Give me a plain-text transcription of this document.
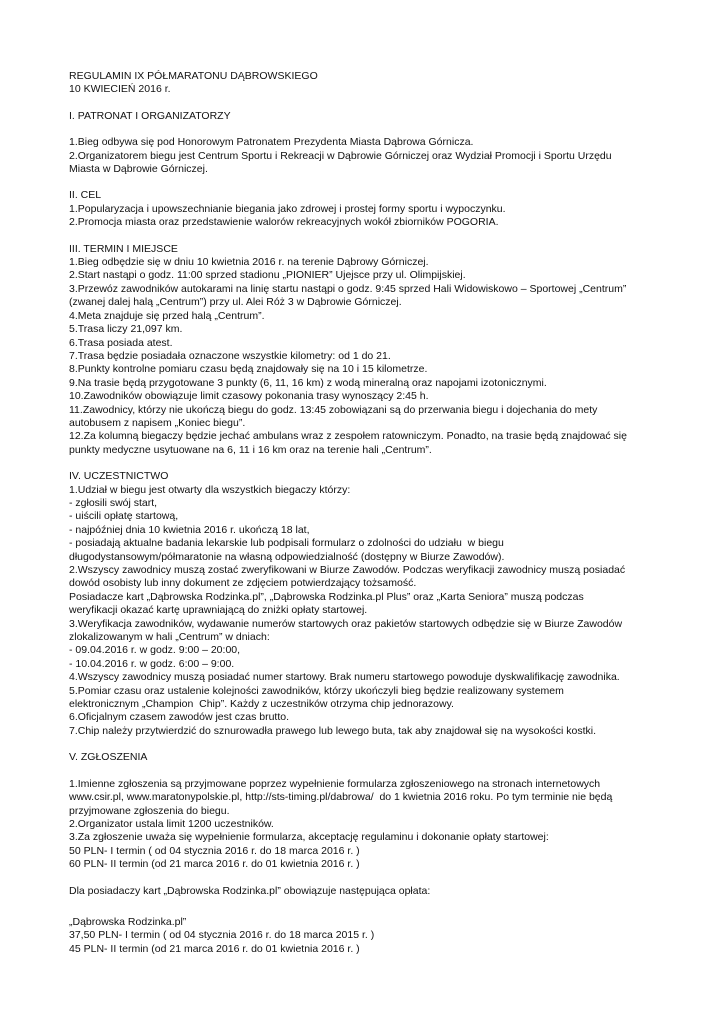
REGULAMIN IX PÓŁMARATONU DĄBROWSKIEGO
10 KWIECIEŃ 2016 r.
I. PATRONAT I ORGANIZATORZY
1.Bieg odbywa się pod Honorowym Patronatem Prezydenta Miasta Dąbrowa Górnicza.
2.Organizatorem biegu jest Centrum Sportu i Rekreacji w Dąbrowie Górniczej oraz Wydział Promocji i Sportu Urzędu
Miasta w Dąbrowie Górniczej.
II. CEL
1.Popularyzacja i upowszechnianie biegania jako zdrowej i prostej formy sportu i wypoczynku.
2.Promocja miasta oraz przedstawienie walorów rekreacyjnych wokół zbiorników POGORIA.
III. TERMIN I MIEJSCE
1.Bieg odbędzie się w dniu 10 kwietnia 2016 r. na terenie Dąbrowy Górniczej.
2.Start nastąpi o godz. 11:00 sprzed stadionu „PIONIER” Ujejsce przy ul. Olimpijskiej.
3.Przewóz zawodników autokarami na linię startu nastąpi o godz. 9:45 sprzed Hali Widowiskowo – Sportowej „Centrum”
(zwanej dalej halą „Centrum”) przy ul. Alei Róż 3 w Dąbrowie Górniczej.
4.Meta znajduje się przed halą „Centrum”.
5.Trasa liczy 21,097 km.
6.Trasa posiada atest.
7.Trasa będzie posiadała oznaczone wszystkie kilometry: od 1 do 21.
8.Punkty kontrolne pomiaru czasu będą znajdowały się na 10 i 15 kilometrze.
9.Na trasie będą przygotowane 3 punkty (6, 11, 16 km) z wodą mineralną oraz napojami izotonicznymi.
10.Zawodników obowiązuje limit czasowy pokonania trasy wynoszący 2:45 h.
11.Zawodnicy, którzy nie ukończą biegu do godz. 13:45 zobowiązani są do przerwania biegu i dojechania do mety
autobusem z napisem „Koniec biegu”.
12.Za kolumną biegaczy będzie jechać ambulans wraz z zespołem ratowniczym. Ponadto, na trasie będą znajdować się
punkty medyczne usytuowane na 6, 11 i 16 km oraz na terenie hali „Centrum”.
IV. UCZESTNICTWO
1.Udział w biegu jest otwarty dla wszystkich biegaczy którzy:
- zgłosili swój start,
- uiścili opłatę startową,
- najpóźniej dnia 10 kwietnia 2016 r. ukończą 18 lat,
- posiadają aktualne badania lekarskie lub podpisali formularz o zdolności do udziału  w biegu
długodystansowym/półmaratonie na własną odpowiedzialność (dostępny w Biurze Zawodów).
2.Wszyscy zawodnicy muszą zostać zweryfikowani w Biurze Zawodów. Podczas weryfikacji zawodnicy muszą posiadać
dowód osobisty lub inny dokument ze zdjęciem potwierdzający tożsamość.
Posiadacze kart „Dąbrowska Rodzinka.pl”, „Dąbrowska Rodzinka.pl Plus” oraz „Karta Seniora” muszą podczas
weryfikacji okazać kartę uprawniającą do zniżki opłaty startowej.
3.Weryfikacja zawodników, wydawanie numerów startowych oraz pakietów startowych odbędzie się w Biurze Zawodów
zlokalizowanym w hali „Centrum” w dniach:
- 09.04.2016 r. w godz. 9:00 – 20:00,
- 10.04.2016 r. w godz. 6:00 – 9:00.
4.Wszyscy zawodnicy muszą posiadać numer startowy. Brak numeru startowego powoduje dyskwalifikację zawodnika.
5.Pomiar czasu oraz ustalenie kolejności zawodników, którzy ukończyli bieg będzie realizowany systemem
elektronicznym „Champion  Chip”. Każdy z uczestników otrzyma chip jednorazowy.
6.Oficjalnym czasem zawodów jest czas brutto.
7.Chip należy przytwierdzić do sznurowadła prawego lub lewego buta, tak aby znajdował się na wysokości kostki.
V. ZGŁOSZENIA
1.Imienne zgłoszenia są przyjmowane poprzez wypełnienie formularza zgłoszeniowego na stronach internetowych
www.csir.pl, www.maratonypolskie.pl, http://sts-timing.pl/dabrowa/  do 1 kwietnia 2016 roku. Po tym terminie nie będą
przyjmowane zgłoszenia do biegu.
2.Organizator ustala limit 1200 uczestników.
3.Za zgłoszenie uważa się wypełnienie formularza, akceptację regulaminu i dokonanie opłaty startowej:
50 PLN- I termin ( od 04 stycznia 2016 r. do 18 marca 2016 r. )
60 PLN- II termin (od 21 marca 2016 r. do 01 kwietnia 2016 r. )
Dla posiadaczy kart „Dąbrowska Rodzinka.pl” obowiązuje następująca opłata:
„Dąbrowska Rodzinka.pl”
37,50 PLN- I termin ( od 04 stycznia 2016 r. do 18 marca 2015 r. )
45 PLN- II termin (od 21 marca 2016 r. do 01 kwietnia 2016 r. )
